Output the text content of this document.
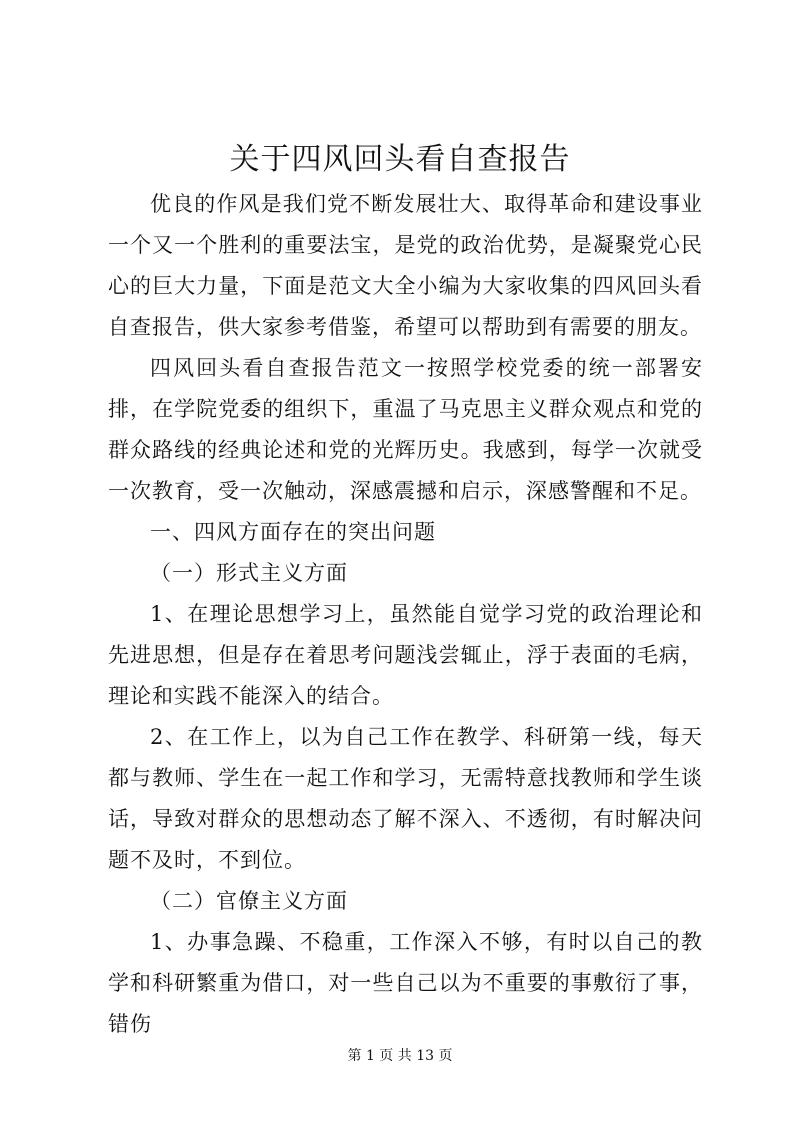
关于四风回头看自查报告

优良的作风是我们党不断发展壮大、取得革命和建设事业一个又一个胜利的重要法宝，是党的政治优势，是凝聚党心民心的巨大力量，下面是范文大全小编为大家收集的四风回头看自查报告，供大家参考借鉴，希望可以帮助到有需要的朋友。

四风回头看自查报告范文一按照学校党委的统一部署安排，在学院党委的组织下，重温了马克思主义群众观点和党的群众路线的经典论述和党的光辉历史。我感到，每学一次就受一次教育，受一次触动，深感震撼和启示，深感警醒和不足。

一、四风方面存在的突出问题

（一）形式主义方面

1、在理论思想学习上，虽然能自觉学习党的政治理论和先进思想，但是存在着思考问题浅尝辄止，浮于表面的毛病，理论和实践不能深入的结合。

2、在工作上，以为自己工作在教学、科研第一线，每天都与教师、学生在一起工作和学习，无需特意找教师和学生谈话，导致对群众的思想动态了解不深入、不透彻，有时解决问题不及时，不到位。

（二）官僚主义方面

1、办事急躁、不稳重，工作深入不够，有时以自己的教学和科研繁重为借口，对一些自己以为不重要的事敷衍了事，错伤

第 1 页 共 13 页
